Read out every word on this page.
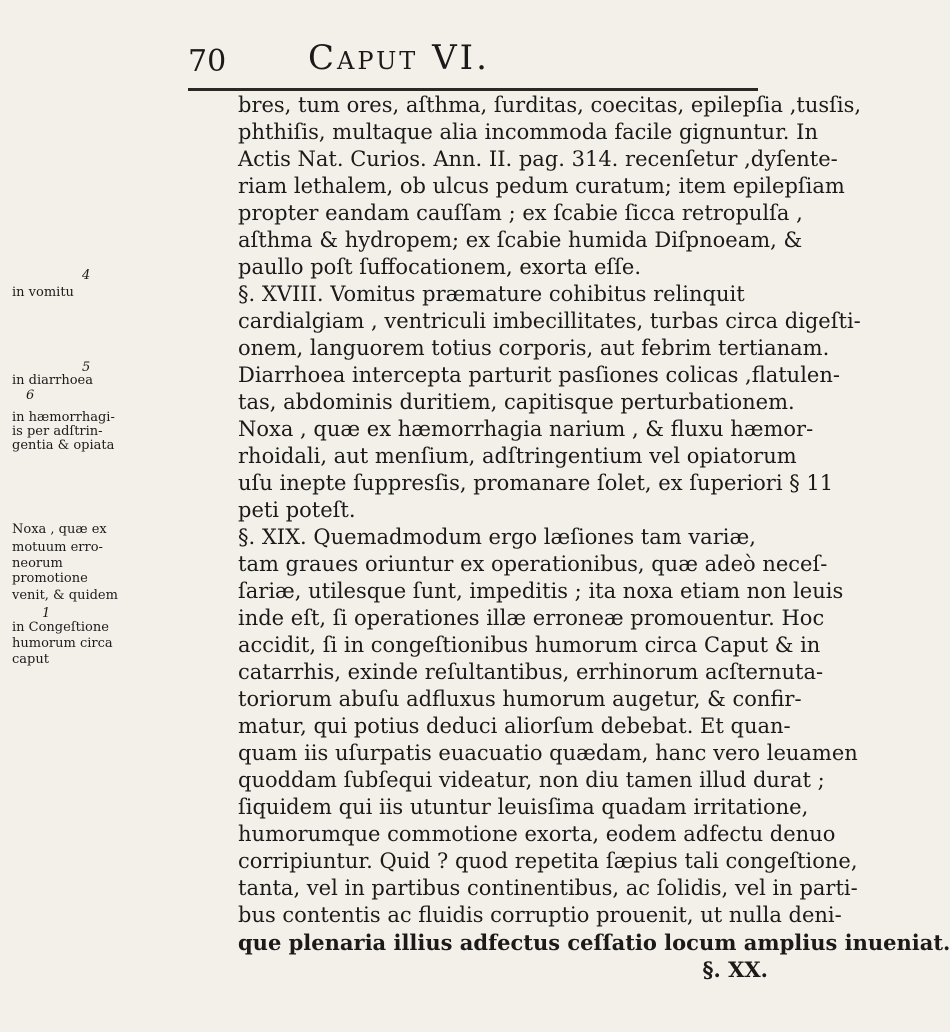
70 Caput VI.
4
in vomitu
5
in diarrhoea
6
in hæmorrhagi-
is per adſtrin-
gentia & opiata
Noxa , quæ ex
motuum erro-
neorum
promotione
venit, & quidem
1
in Congeſtione
humorum circa
caput
bres, tum ores, aſthma, ſurditas, coecitas, epilepſia ,tusſis,
phthiſis, multaque alia incommoda facile gignuntur. In
Actis Nat. Curios. Ann. II. pag. 314. recenſetur ,dyſente-
riam lethalem, ob ulcus pedum curatum; item epilepſiam
propter eandam cauſſam ; ex ſcabie ſicca retropulſa ,
aſthma & hydropem; ex ſcabie humida Diſpnoeam, &
paullo poſt ſuffocationem, exorta eſſe.
§. XVIII. Vomitus præmature cohibitus relinquit
cardialgiam , ventriculi imbecillitates, turbas circa digeſti-
onem, languorem totius corporis, aut febrim tertianam.
Diarrhoea intercepta parturit pasſiones colicas ,flatulen-
tas, abdominis duritiem, capitisque perturbationem.
Noxa , quæ ex hæmorrhagia narium , & fluxu hæmor-
rhoidali, aut menſium, adſtringentium vel opiatorum
uſu inepte ſuppresſis, promanare ſolet, ex ſuperiori § 11
peti poteſt.
§. XIX. Quemadmodum ergo læſiones tam variæ,
tam graues oriuntur ex operationibus, quæ adeò neceſ-
ſariæ, utilesque ſunt, impeditis ; ita noxa etiam non leuis
inde eſt, ſi operationes illæ erroneæ promouentur. Hoc
accidit, ſi in congeſtionibus humorum circa Caput & in
catarrhis, exinde reſultantibus, errhinorum acſternuta-
toriorum abuſu adfluxus humorum augetur, & confir-
matur, qui potius deduci aliorſum debebat. Et quan-
quam iis uſurpatis euacuatio quædam, hanc vero leuamen
quoddam ſubſequi videatur, non diu tamen illud durat ;
ſiquidem qui iis utuntur leuisſima quadam irritatione,
humorumque commotione exorta, eodem adfectu denuo
corripiuntur. Quid ? quod repetita ſæpius tali congeſtione,
tanta, vel in partibus continentibus, ac ſolidis, vel in parti-
bus contentis ac fluidis corruptio prouenit, ut nulla deni-
que plenaria illius adfectus ceſſatio locum amplius inueniat.
§. XX.
